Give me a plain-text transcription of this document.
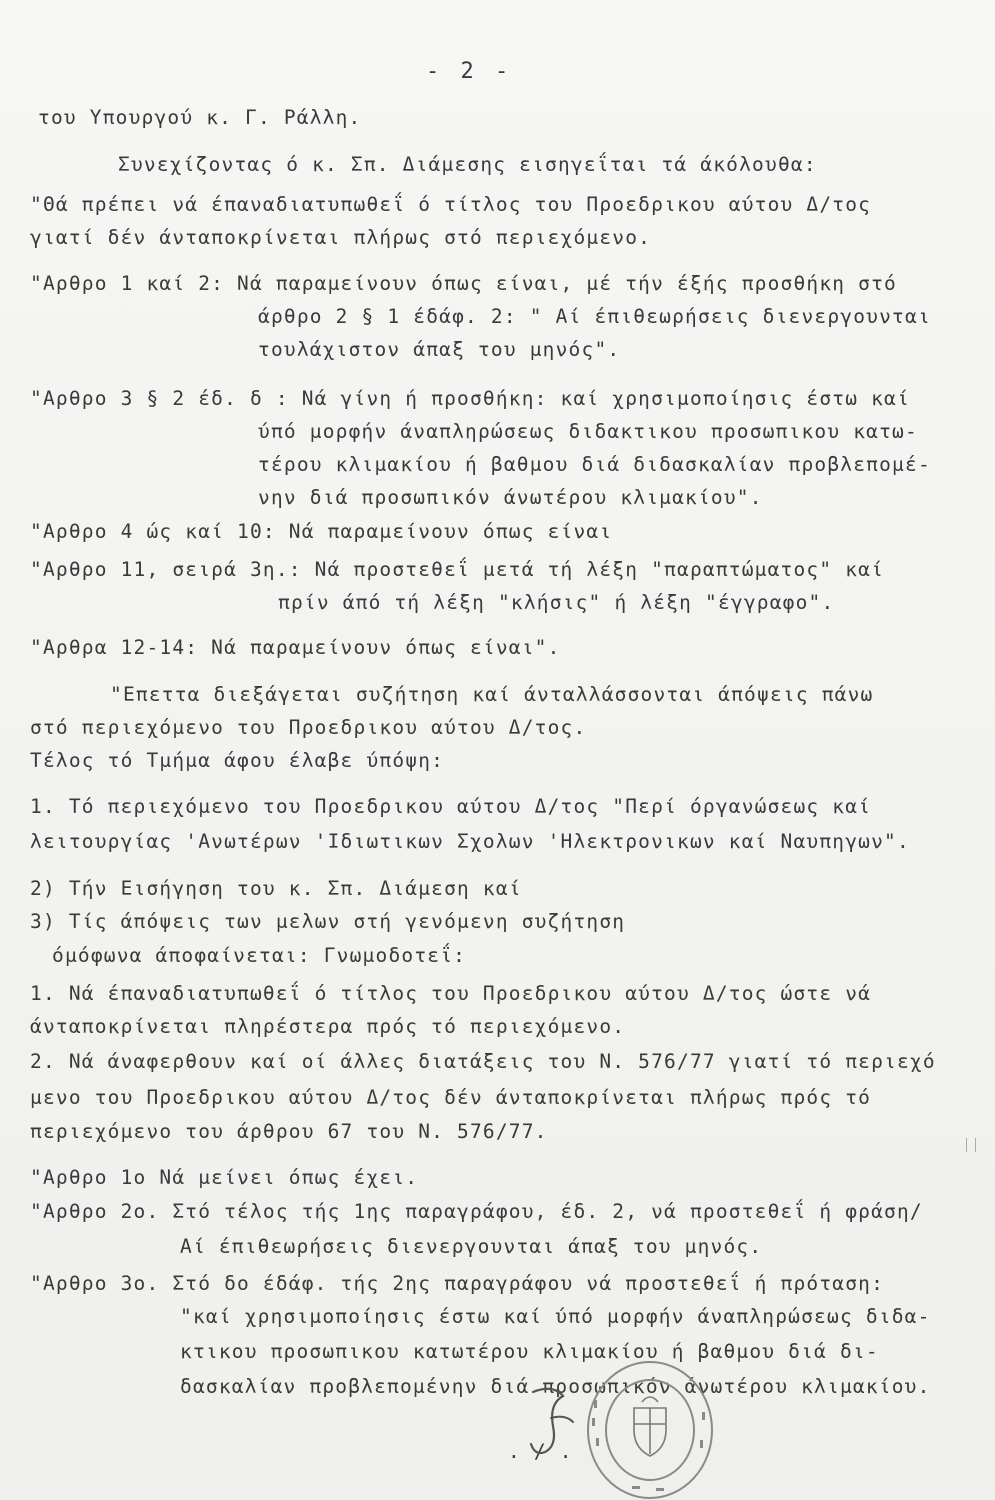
- 2 -
του Υπουργού κ. Γ. Ράλλη.
Συνεχίζοντας ό κ. Σπ. Διάμεσης εισηγεΐται τά άκόλουθα:
"Θά πρέπει νά έπαναδιατυπωθεΐ ό τίτλος του Προεδρικου αύτου Δ/τος
γιατί δέν άνταποκρίνεται πλήρως στό περιεχόμενο.
"Αρθρο 1 καί 2: Νά παραμείνουν όπως είναι, μέ τήν έξής προσθήκη στό
άρθρο 2 § 1 έδάφ. 2: " Αί έπιθεωρήσεις διενεργουνται
τουλάχιστον άπαξ του μηνός".
"Αρθρο 3 § 2 έδ. δ : Νά γίνη ή προσθήκη: καί χρησιμοποίησις έστω καί
ύπό μορφήν άναπληρώσεως διδακτικου προσωπικου κατω-
τέρου κλιμακίου ή βαθμου διά διδασκαλίαν προβλεπομέ-
νην διά προσωπικόν άνωτέρου κλιμακίου".
"Αρθρο 4 ώς καί 10: Νά παραμείνουν όπως είναι
"Αρθρο 11, σειρά 3η.: Νά προστεθεΐ μετά τή λέξη "παραπτώματος" καί
πρίν άπό τή λέξη "κλήσις" ή λέξη "έγγραφο".
"Αρθρα 12-14: Νά παραμείνουν όπως είναι".
"Επεττα διεξάγεται συζήτηση καί άνταλλάσσονται άπόψεις πάνω
στό περιεχόμενο του Προεδρικου αύτου Δ/τος.
Τέλος τό Τμήμα άφου έλαβε ύπόψη:
1. Τό περιεχόμενο του Προεδρικου αύτου Δ/τος "Περί όργανώσεως καί
λειτουργίας 'Ανωτέρων 'Ιδιωτικων Σχολων 'Ηλεκτρονικων καί Ναυπηγων".
2) Τήν Εισήγηση του κ. Σπ. Διάμεση καί
3) Τίς άπόψεις των μελων στή γενόμενη συζήτηση
όμόφωνα άποφαίνεται: Γνωμοδοτεΐ:
1. Νά έπαναδιατυπωθεΐ ό τίτλος του Προεδρικου αύτου Δ/τος ώστε νά
άνταποκρίνεται πληρέστερα πρός τό περιεχόμενο.
2. Νά άναφερθουν καί οί άλλες διατάξεις του Ν. 576/77 γιατί τό περιεχό
μενο του Προεδρικου αύτου Δ/τος δέν άνταποκρίνεται πλήρως πρός τό
περιεχόμενο του άρθρου 67 του Ν. 576/77.
"Αρθρο 1ο Νά μείνει όπως έχει.
"Αρθρο 2ο. Στό τέλος τής 1ης παραγράφου, έδ. 2, νά προστεθεΐ ή φράση/
Αί έπιθεωρήσεις διενεργουνται άπαξ του μηνός.
"Αρθρο 3ο. Στό δο έδάφ. τής 2ης παραγράφου νά προστεθεΐ ή πρόταση:
"καί χρησιμοποίησις έστω καί ύπό μορφήν άναπληρώσεως διδα-
κτικου προσωπικου κατωτέρου κλιμακίου ή βαθμου διά δι-
δασκαλίαν προβλεπομένην διά προσωπικόν άνωτέρου κλιμακίου.
. / .
